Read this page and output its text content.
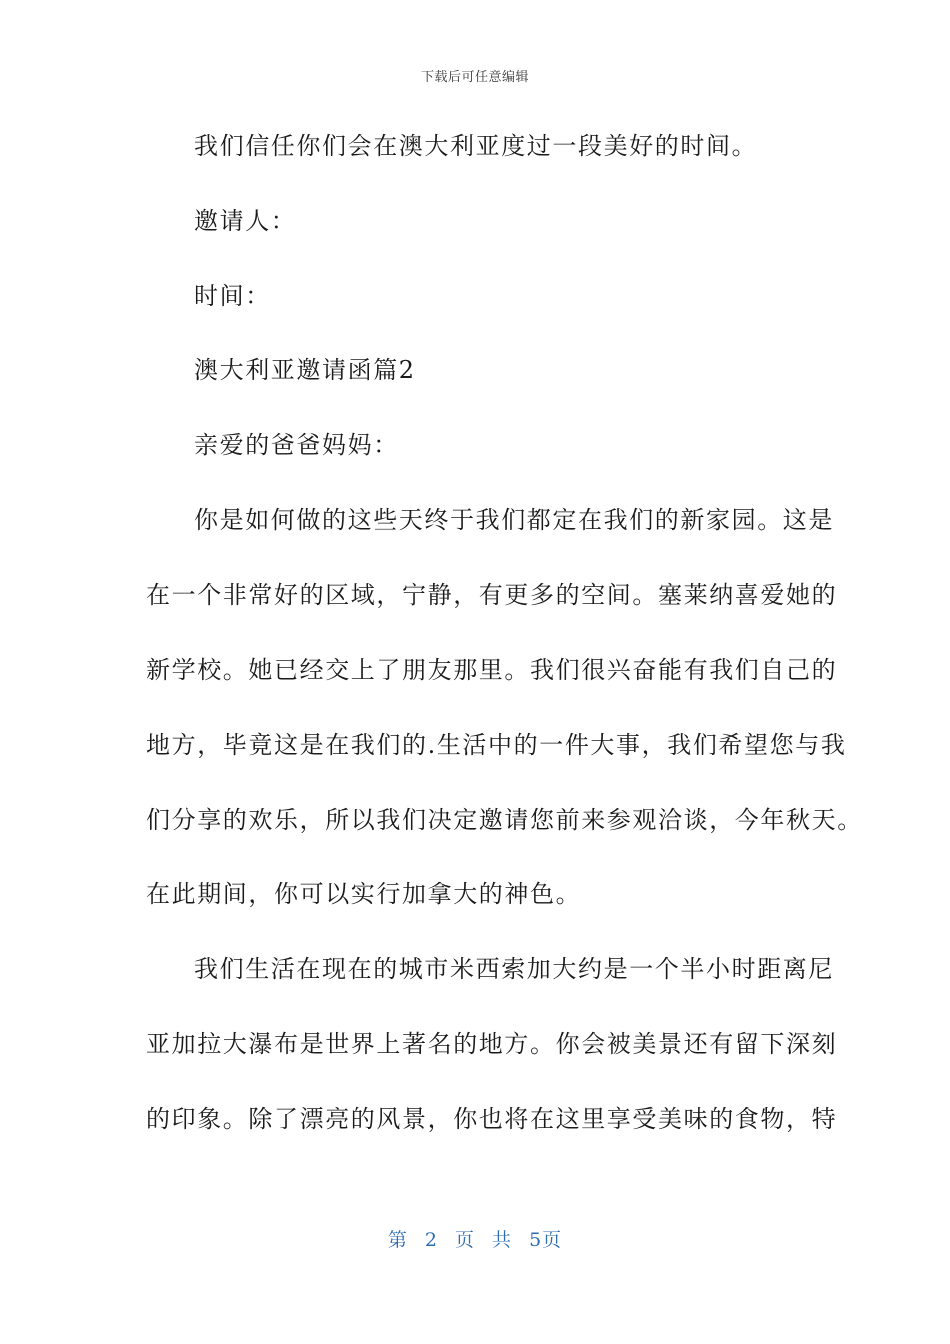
下载后可任意编辑
我们信任你们会在澳大利亚度过一段美好的时间。
邀请人：
时间：
澳大利亚邀请函篇2
亲爱的爸爸妈妈：
你是如何做的这些天终于我们都定在我们的新家园。这是
在一个非常好的区域，宁静，有更多的空间。塞莱纳喜爱她的
新学校。她已经交上了朋友那里。我们很兴奋能有我们自己的
地方，毕竟这是在我们的.生活中的一件大事，我们希望您与我
们分享的欢乐，所以我们决定邀请您前来参观洽谈，今年秋天。
在此期间，你可以实行加拿大的神色。
我们生活在现在的城市米西索加大约是一个半小时距离尼
亚加拉大瀑布是世界上著名的地方。你会被美景还有留下深刻
的印象。除了漂亮的风景，你也将在这里享受美味的食物，特
第 2 页 共 5页
